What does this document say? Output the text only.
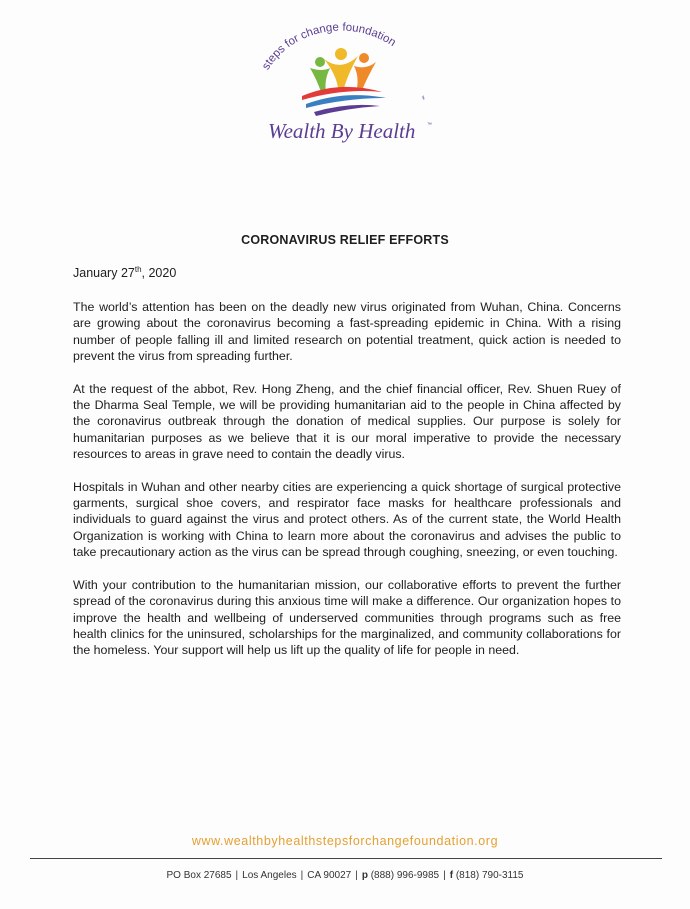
steps for change foundation
™
Wealth By Health ™
CORONAVIRUS RELIEF EFFORTS
January 27th, 2020

The world’s attention has been on the deadly new virus originated from Wuhan, China. Concerns are growing about the coronavirus becoming a fast-spreading epidemic in China. With a rising number of people falling ill and limited research on potential treatment, quick action is needed to prevent the virus from spreading further.

At the request of the abbot, Rev. Hong Zheng, and the chief financial officer, Rev. Shuen Ruey of the Dharma Seal Temple, we will be providing humanitarian aid to the people in China affected by the coronavirus outbreak through the donation of medical supplies. Our purpose is solely for humanitarian purposes as we believe that it is our moral imperative to provide the necessary resources to areas in grave need to contain the deadly virus.

Hospitals in Wuhan and other nearby cities are experiencing a quick shortage of surgical protective garments, surgical shoe covers, and respirator face masks for healthcare professionals and individuals to guard against the virus and protect others. As of the current state, the World Health Organization is working with China to learn more about the coronavirus and advises the public to take precautionary action as the virus can be spread through coughing, sneezing, or even touching.

With your contribution to the humanitarian mission, our collaborative efforts to prevent the further spread of the coronavirus during this anxious time will make a difference. Our organization hopes to improve the health and wellbeing of underserved communities through programs such as free health clinics for the uninsured, scholarships for the marginalized, and community collaborations for the homeless. Your support will help us lift up the quality of life for people in need.

www.wealthbyhealthstepsforchangefoundation.org
PO Box 27685 | Los Angeles | CA 90027 | p (888) 996-9985 | f (818) 790-3115
